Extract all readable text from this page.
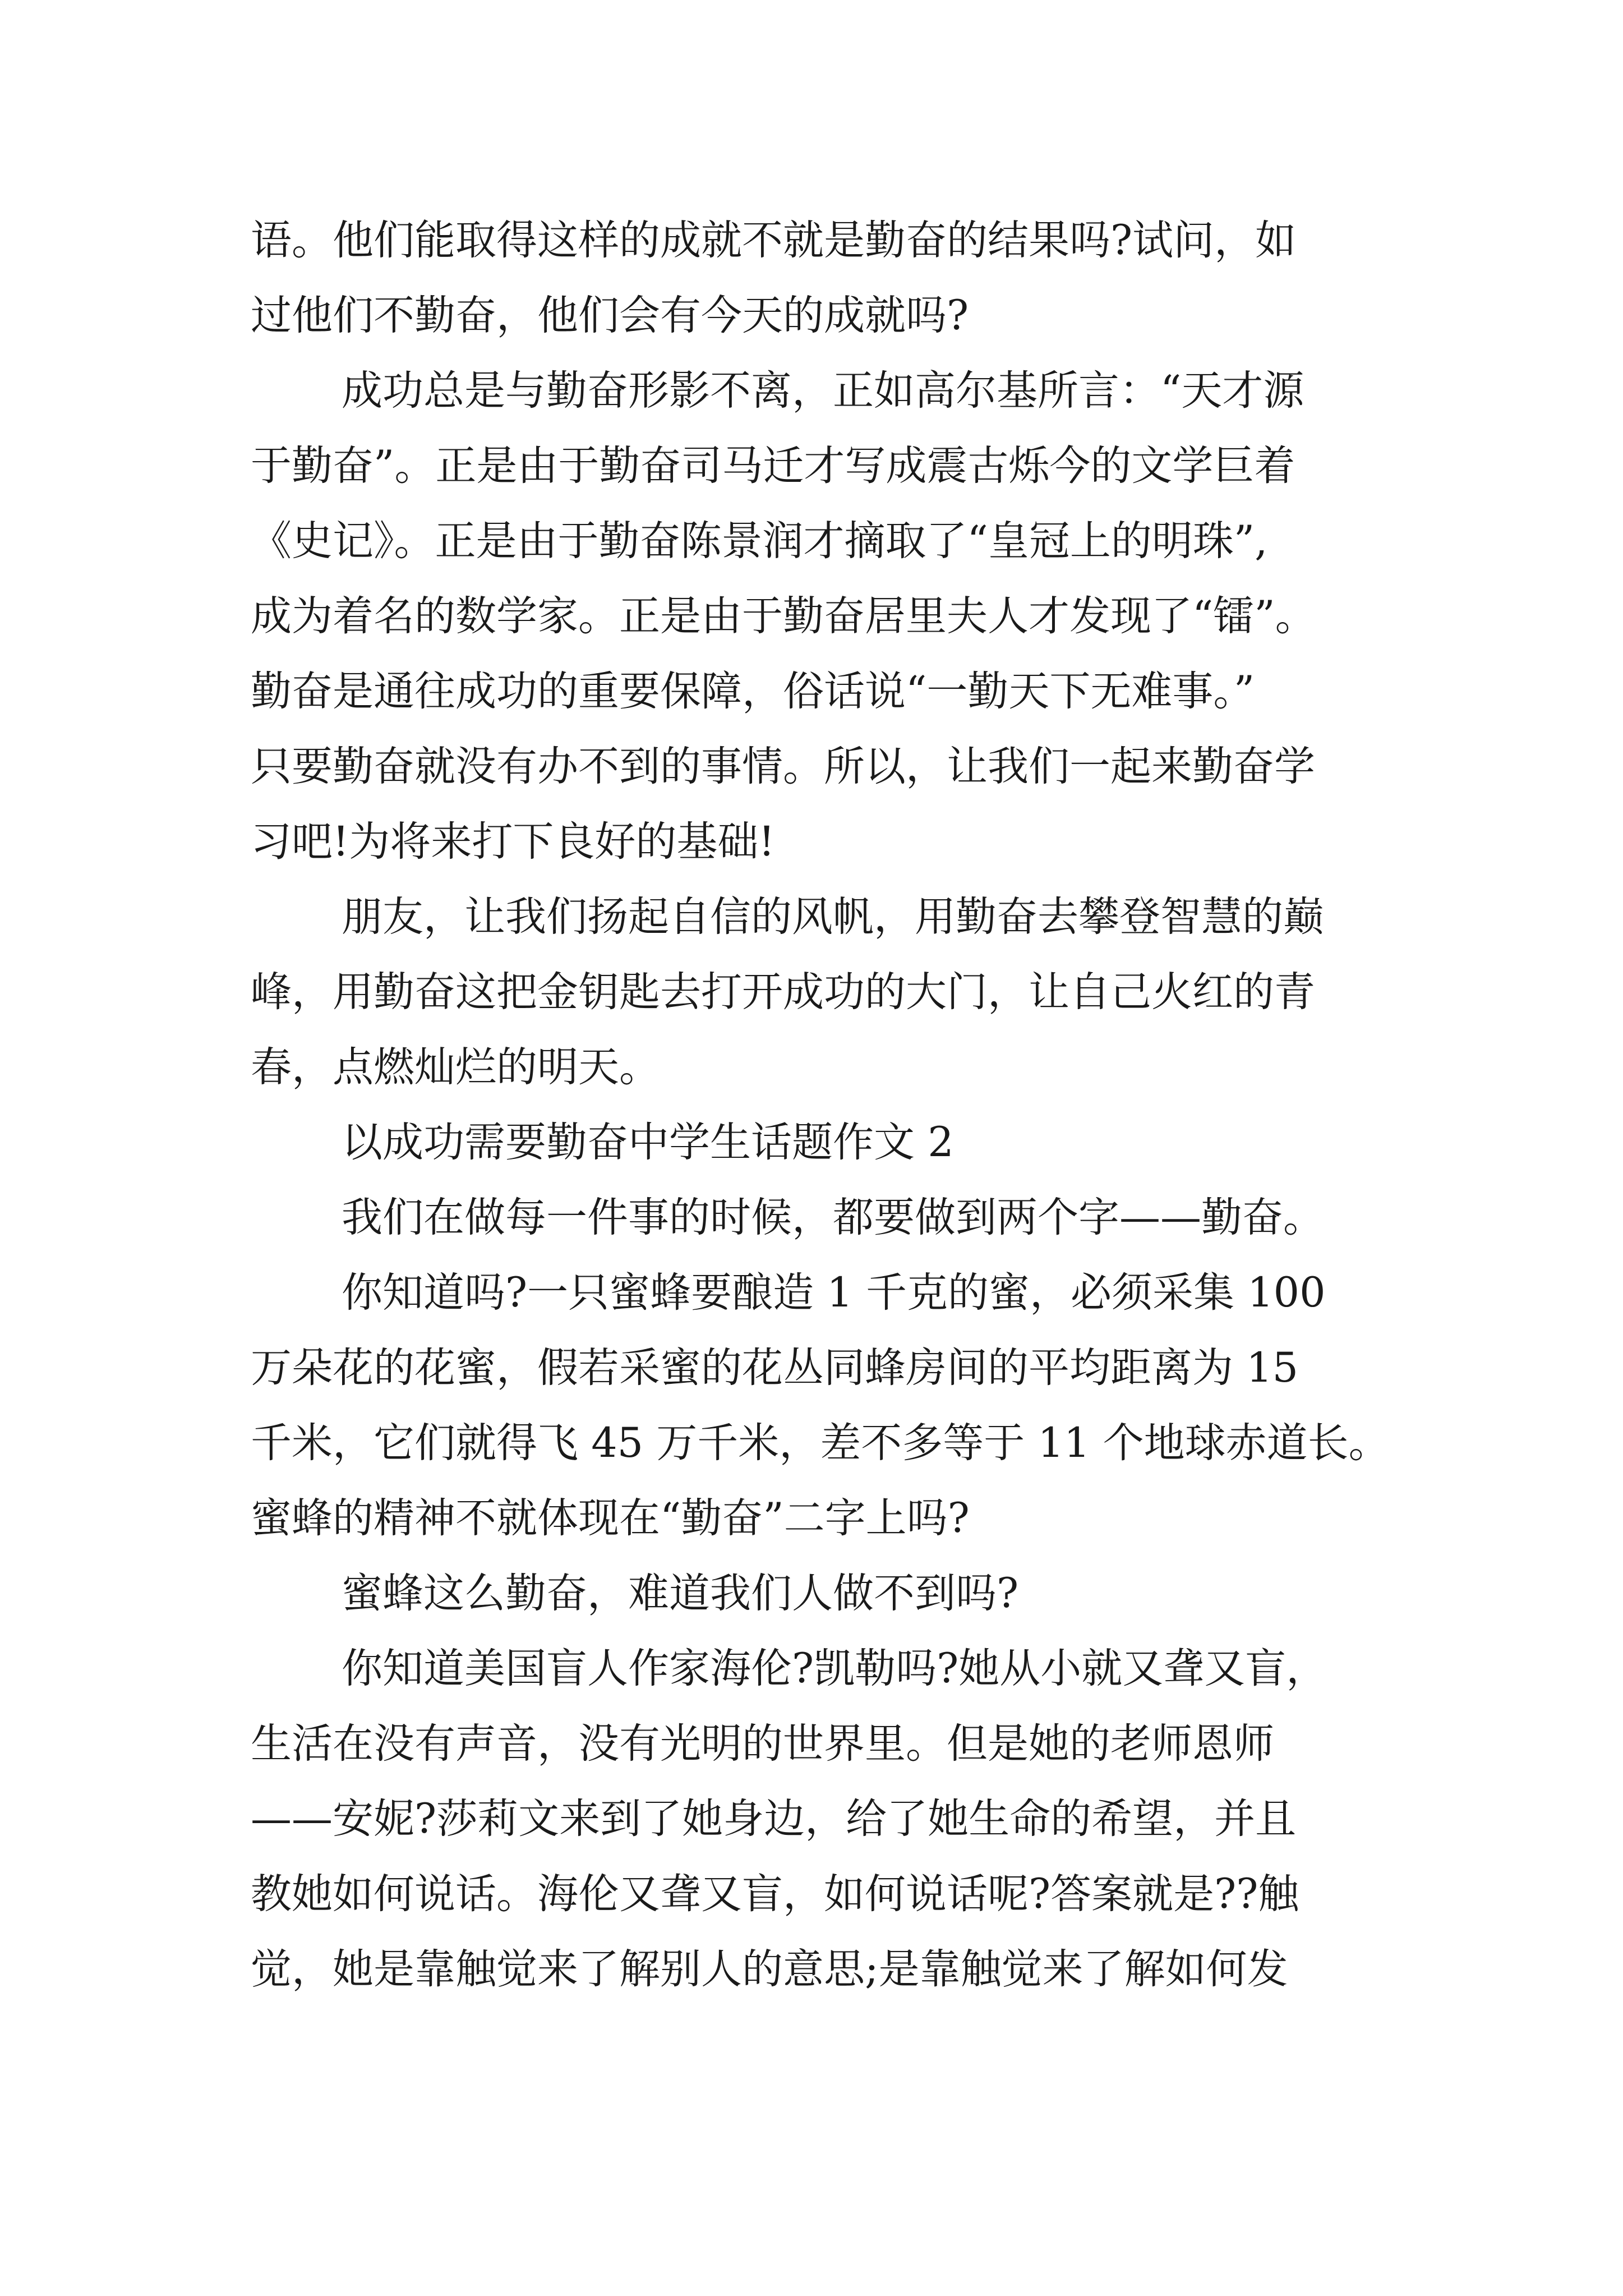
语。他们能取得这样的成就不就是勤奋的结果吗?试问，如
过他们不勤奋，他们会有今天的成就吗?
成功总是与勤奋形影不离，正如高尔基所言：“天才源
于勤奋”。正是由于勤奋司马迁才写成震古烁今的文学巨着
《史记》。正是由于勤奋陈景润才摘取了“皇冠上的明珠”,
成为着名的数学家。正是由于勤奋居里夫人才发现了“镭”。
勤奋是通往成功的重要保障，俗话说“一勤天下无难事。”
只要勤奋就没有办不到的事情。所以，让我们一起来勤奋学
习吧!为将来打下良好的基础!
朋友，让我们扬起自信的风帆，用勤奋去攀登智慧的巅
峰，用勤奋这把金钥匙去打开成功的大门，让自己火红的青
春，点燃灿烂的明天。
以成功需要勤奋中学生话题作文 2
我们在做每一件事的时候，都要做到两个字——勤奋。
你知道吗?一只蜜蜂要酿造 1 千克的蜜，必须采集 100
万朵花的花蜜，假若采蜜的花丛同蜂房间的平均距离为 15
千米，它们就得飞 45 万千米，差不多等于 11 个地球赤道长。
蜜蜂的精神不就体现在“勤奋”二字上吗?
蜜蜂这么勤奋，难道我们人做不到吗?
你知道美国盲人作家海伦?凯勒吗?她从小就又聋又盲，
生活在没有声音，没有光明的世界里。但是她的老师恩师
——安妮?莎莉文来到了她身边，给了她生命的希望，并且
教她如何说话。海伦又聋又盲，如何说话呢?答案就是??触
觉，她是靠触觉来了解别人的意思;是靠触觉来了解如何发
